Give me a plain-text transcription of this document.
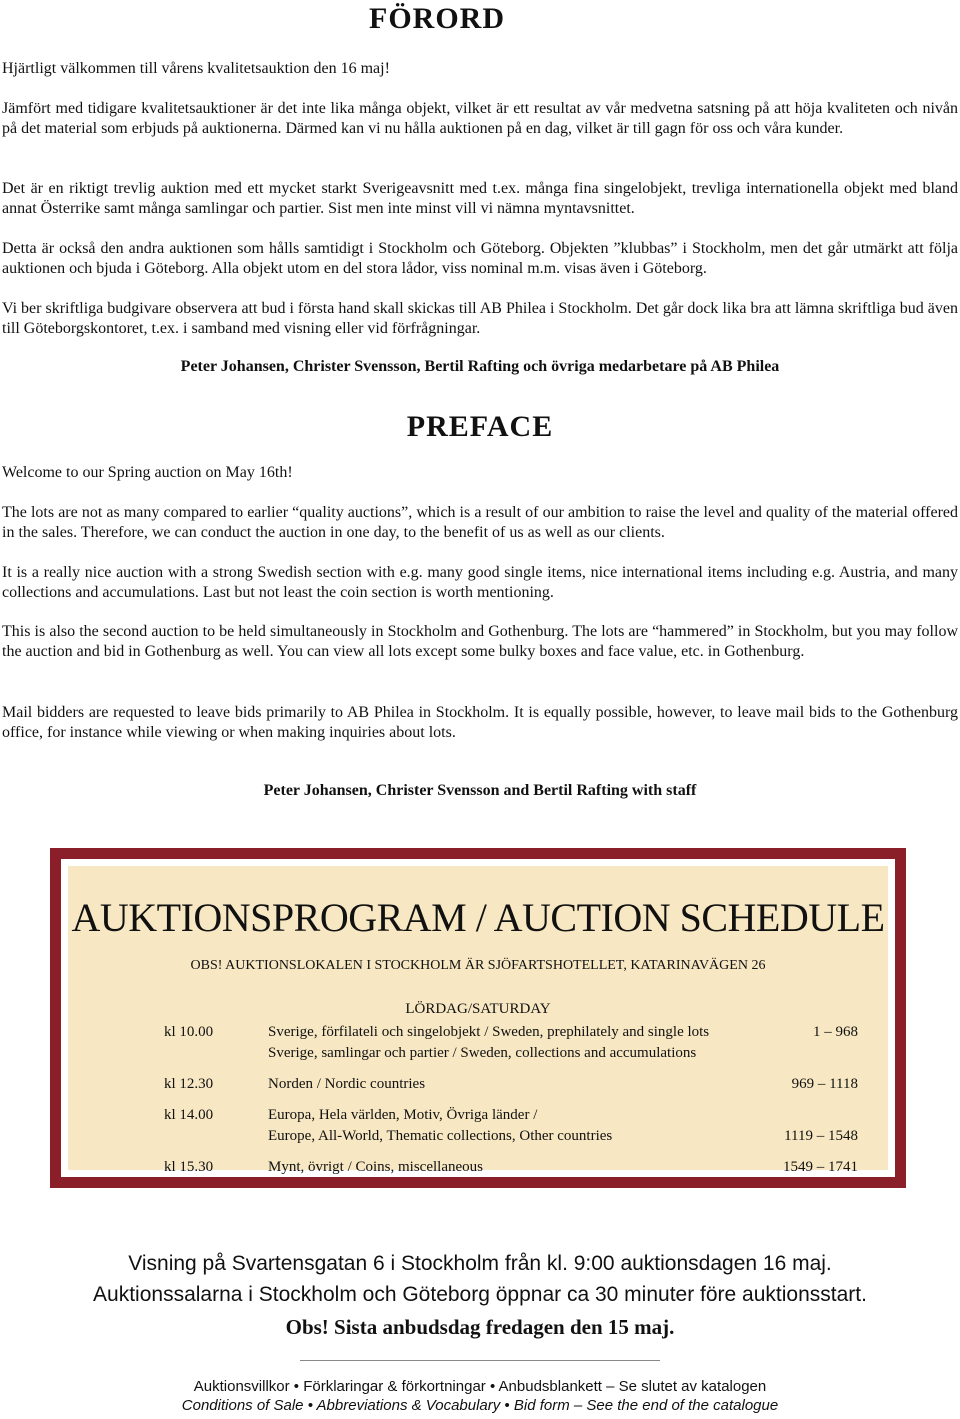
FÖRORD

Hjärtligt välkommen till vårens kvalitetsauktion den 16 maj!

Jämfört med tidigare kvalitetsauktioner är det inte lika många objekt, vilket är ett resultat av vår medvetna satsning på att höja kvaliteten och nivån på det material som erbjuds på auktionerna. Därmed kan vi nu hålla auktionen på en dag, vilket är till gagn för oss och våra kunder.

Det är en riktigt trevlig auktion med ett mycket starkt Sverigeavsnitt med t.ex. många fina singelobjekt, trevliga internationella objekt med bland annat Österrike samt många samlingar och partier. Sist men inte minst vill vi nämna myntavsnittet.

Detta är också den andra auktionen som hålls samtidigt i Stockholm och Göteborg. Objekten ”klubbas” i Stockholm, men det går utmärkt att följa auktionen och bjuda i Göteborg. Alla objekt utom en del stora lådor, viss nominal m.m. visas även i Göteborg.

Vi ber skriftliga budgivare observera att bud i första hand skall skickas till AB Philea i Stockholm. Det går dock lika bra att lämna skriftliga bud även till Göteborgskontoret, t.ex. i samband med visning eller vid förfrågningar.

Peter Johansen, Christer Svensson, Bertil Rafting och övriga medarbetare på AB Philea
PREFACE

Welcome to our Spring auction on May 16th!

The lots are not as many compared to earlier “quality auctions”, which is a result of our ambition to raise the level and quality of the material offered in the sales. Therefore, we can conduct the auction in one day, to the benefit of us as well as our clients.

It is a really nice auction with a strong Swedish section with e.g. many good single items, nice international items including e.g. Austria, and many collections and accumulations. Last but not least the coin section is worth mentioning.

This is also the second auction to be held simultaneously in Stockholm and Gothenburg. The lots are “hammered” in Stockholm, but you may follow the auction and bid in Gothenburg as well. You can view all lots except some bulky boxes and face value, etc. in Gothenburg.

Mail bidders are requested to leave bids primarily to AB Philea in Stockholm. It is equally possible, however, to leave mail bids to the Gothenburg office, for instance while viewing or when making inquiries about lots.

Peter Johansen, Christer Svensson and Bertil Rafting with staff
AUKTIONSPROGRAM / AUCTION SCHEDULE
OBS! AUKTIONSLOKALEN I STOCKHOLM ÄR SJÖFARTSHOTELLET, KATARINAVÄGEN 26
LÖRDAG/SATURDAY
kl 10.00	Sverige, förfilateli och singelobjekt / Sweden, prephilately and single lots	1 – 968
Sverige, samlingar och partier / Sweden, collections and accumulations
kl 12.30	Norden / Nordic countries	969 – 1118
kl 14.00	Europa, Hela världen, Motiv, Övriga länder /
Europe, All-World, Thematic collections, Other countries	1119 – 1548
kl 15.30	Mynt, övrigt / Coins, miscellaneous	1549 – 1741
Visning på Svartensgatan 6 i Stockholm från kl. 9:00 auktionsdagen 16 maj.
Auktionssalarna i Stockholm och Göteborg öppnar ca 30 minuter före auktionsstart.
Obs! Sista anbudsdag fredagen den 15 maj.
Auktionsvillkor • Förklaringar & förkortningar • Anbudsblankett – Se slutet av katalogen
Conditions of Sale • Abbreviations & Vocabulary • Bid form – See the end of the catalogue
